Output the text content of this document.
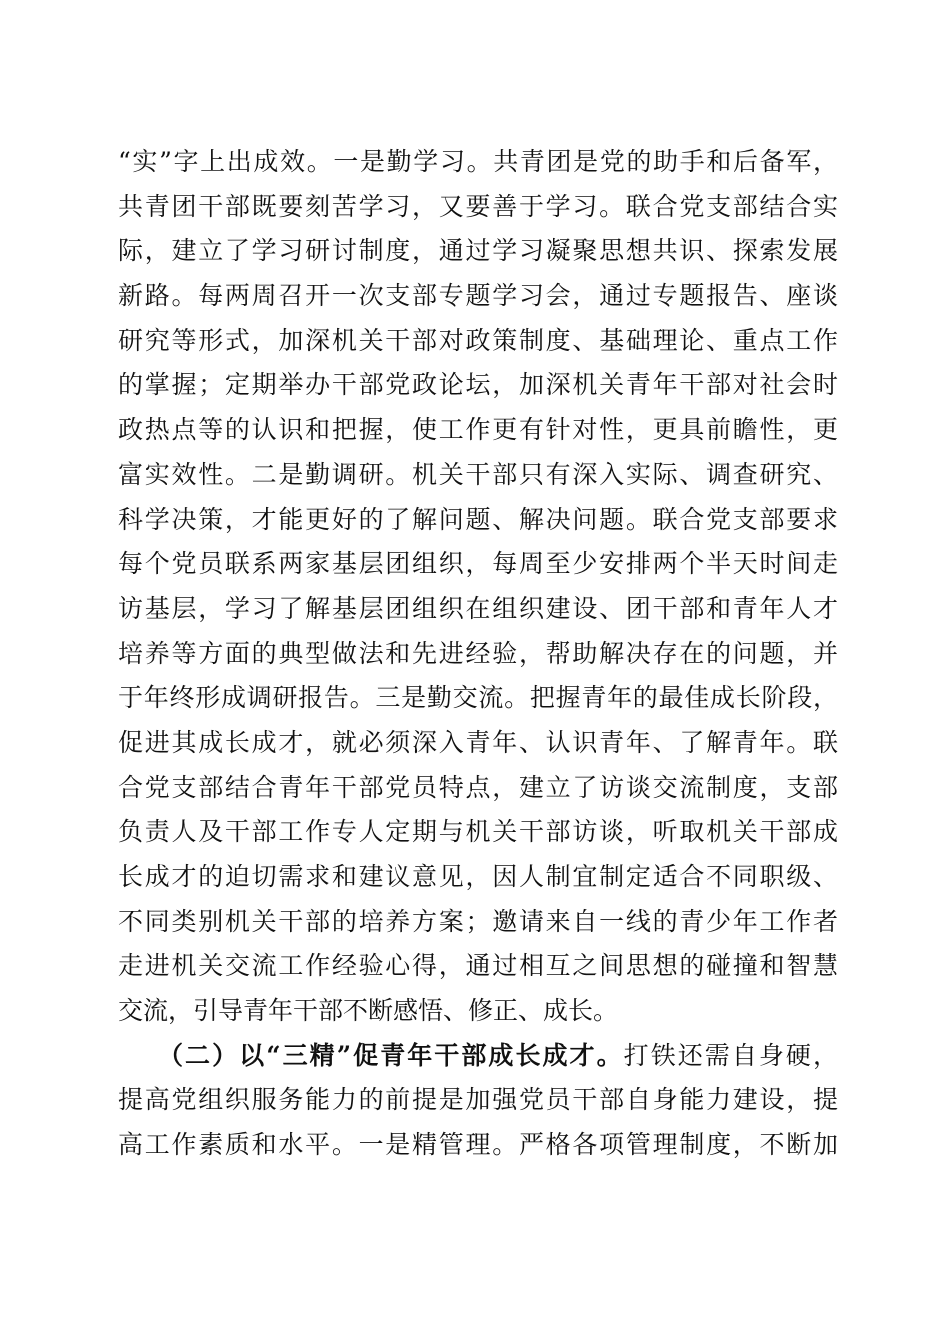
“实”字上出成效。一是勤学习。共青团是党的助手和后备军，
共青团干部既要刻苦学习，又要善于学习。联合党支部结合实
际，建立了学习研讨制度，通过学习凝聚思想共识、探索发展
新路。每两周召开一次支部专题学习会，通过专题报告、座谈
研究等形式，加深机关干部对政策制度、基础理论、重点工作
的掌握；定期举办干部党政论坛，加深机关青年干部对社会时
政热点等的认识和把握，使工作更有针对性，更具前瞻性，更
富实效性。二是勤调研。机关干部只有深入实际、调查研究、
科学决策，才能更好的了解问题、解决问题。联合党支部要求
每个党员联系两家基层团组织，每周至少安排两个半天时间走
访基层，学习了解基层团组织在组织建设、团干部和青年人才
培养等方面的典型做法和先进经验，帮助解决存在的问题，并
于年终形成调研报告。三是勤交流。把握青年的最佳成长阶段，
促进其成长成才，就必须深入青年、认识青年、了解青年。联
合党支部结合青年干部党员特点，建立了访谈交流制度，支部
负责人及干部工作专人定期与机关干部访谈，听取机关干部成
长成才的迫切需求和建议意见，因人制宜制定适合不同职级、
不同类别机关干部的培养方案；邀请来自一线的青少年工作者
走进机关交流工作经验心得，通过相互之间思想的碰撞和智慧
交流，引导青年干部不断感悟、修正、成长。
（二）以“三精”促青年干部成长成才。打铁还需自身硬，
提高党组织服务能力的前提是加强党员干部自身能力建设，提
高工作素质和水平。一是精管理。严格各项管理制度，不断加
